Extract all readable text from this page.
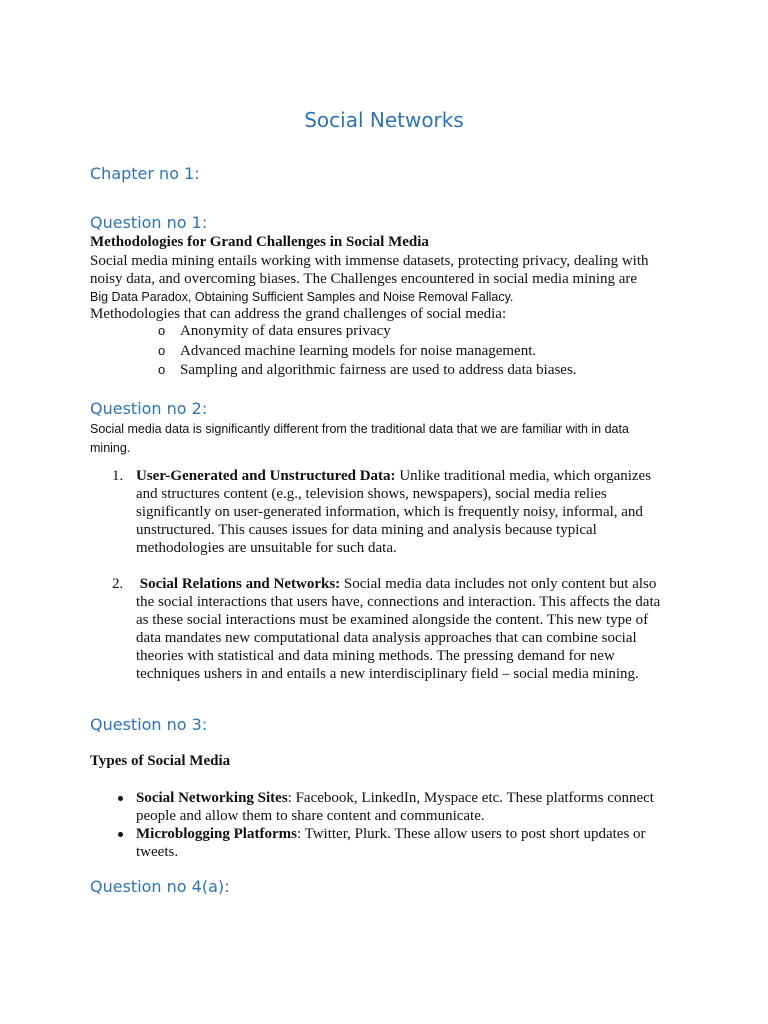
Social Networks
Chapter no 1:
Question no 1:

Methodologies for Grand Challenges in Social Media

Social media mining entails working with immense datasets, protecting privacy, dealing with noisy data, and overcoming biases. The Challenges encountered in social media mining are

Big Data Paradox, Obtaining Sufficient Samples and Noise Removal Fallacy.

Methodologies that can address the grand challenges of social media:

o Anonymity of data ensures privacy
o Advanced machine learning models for noise management.
o Sampling and algorithmic fairness are used to address data biases.
Question no 2:

Social media data is significantly different from the traditional data that we are familiar with in data mining.

1. User-Generated and Unstructured Data: Unlike traditional media, which organizes and structures content (e.g., television shows, newspapers), social media relies significantly on user-generated information, which is frequently noisy, informal, and unstructured. This causes issues for data mining and analysis because typical methodologies are unsuitable for such data.
2. Social Relations and Networks: Social media data includes not only content but also the social interactions that users have, connections and interaction. This affects the data as these social interactions must be examined alongside the content. This new type of data mandates new computational data analysis approaches that can combine social theories with statistical and data mining methods. The pressing demand for new techniques ushers in and entails a new interdisciplinary field – social media mining.
Question no 3:

Types of Social Media

Social Networking Sites: Facebook, LinkedIn, Myspace etc. These platforms connect people and allow them to share content and communicate.
Microblogging Platforms: Twitter, Plurk. These allow users to post short updates or tweets.
Question no 4(a):
